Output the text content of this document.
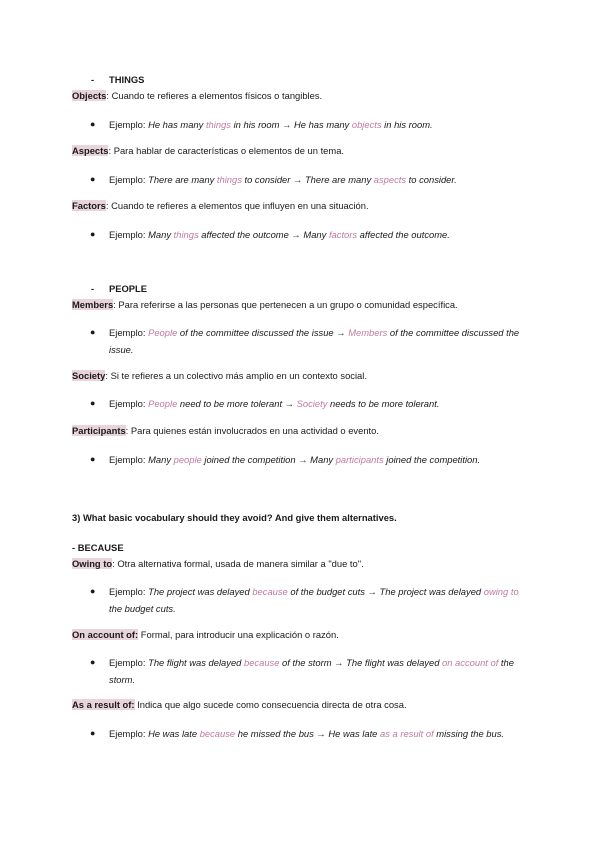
- THINGS
Objects: Cuando te refieres a elementos físicos o tangibles.
● Ejemplo: He has many things in his room → He has many objects in his room.
Aspects: Para hablar de características o elementos de un tema.
● Ejemplo: There are many things to consider → There are many aspects to consider.
Factors: Cuando te refieres a elementos que influyen en una situación.
● Ejemplo: Many things affected the outcome → Many factors affected the outcome.
- PEOPLE
Members: Para referirse a las personas que pertenecen a un grupo o comunidad específica.
● Ejemplo: People of the committee discussed the issue → Members of the committee discussed the issue.
Society: Si te refieres a un colectivo más amplio en un contexto social.
● Ejemplo: People need to be more tolerant → Society needs to be more tolerant.
Participants: Para quienes están involucrados en una actividad o evento.
● Ejemplo: Many people joined the competition → Many participants joined the competition.
3) What basic vocabulary should they avoid? And give them alternatives.
- BECAUSE
Owing to: Otra alternativa formal, usada de manera similar a "due to".
● Ejemplo: The project was delayed because of the budget cuts → The project was delayed owing to the budget cuts.
On account of: Formal, para introducir una explicación o razón.
● Ejemplo: The flight was delayed because of the storm → The flight was delayed on account of the storm.
As a result of: Indica que algo sucede como consecuencia directa de otra cosa.
● Ejemplo: He was late because he missed the bus → He was late as a result of missing the bus.
